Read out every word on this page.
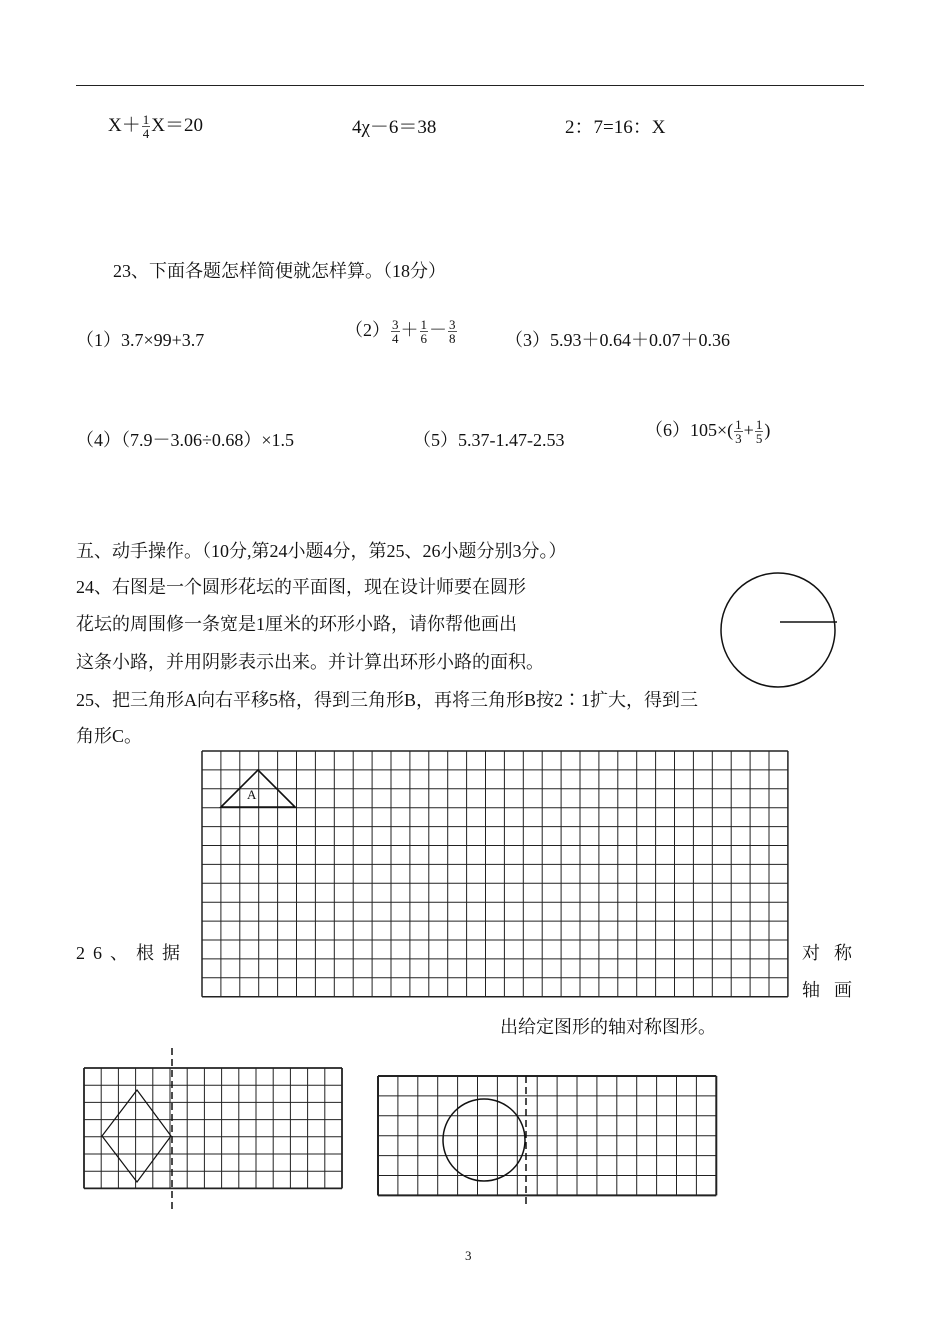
$X+ \frac{1}{4} X=20$	4χ－6＝38	2：7=16：X
23、下面各题怎样简便就怎样算。（18分）
（1）3.7×99+3.7	$(2) \frac{3}{4} + \frac{1}{6} - \frac{3}{8}$	（3）5.93＋0.64＋0.07＋0.36
（4）（7.9－3.06÷0.68）×1.5	（5）5.37-1.47-2.53	$(6)105\times( \frac{1}{3} + \frac{1}{5}$ )
五、动手操作。（10分,第24小题4分，第25、26小题分别3分。）
24、右图是一个圆形花坛的平面图，现在设计师要在圆形
花坛的周围修一条宽是1厘米的环形小路，请你帮他画出
这条小路，并用阴影表示出来。并计算出环形小路的面积。
25、把三角形A向右平移5格，得到三角形B，再将三角形B按2∶1扩大，得到三
角形C。
A
26、根据	对称
轴画
出给定图形的轴对称图形。
3
